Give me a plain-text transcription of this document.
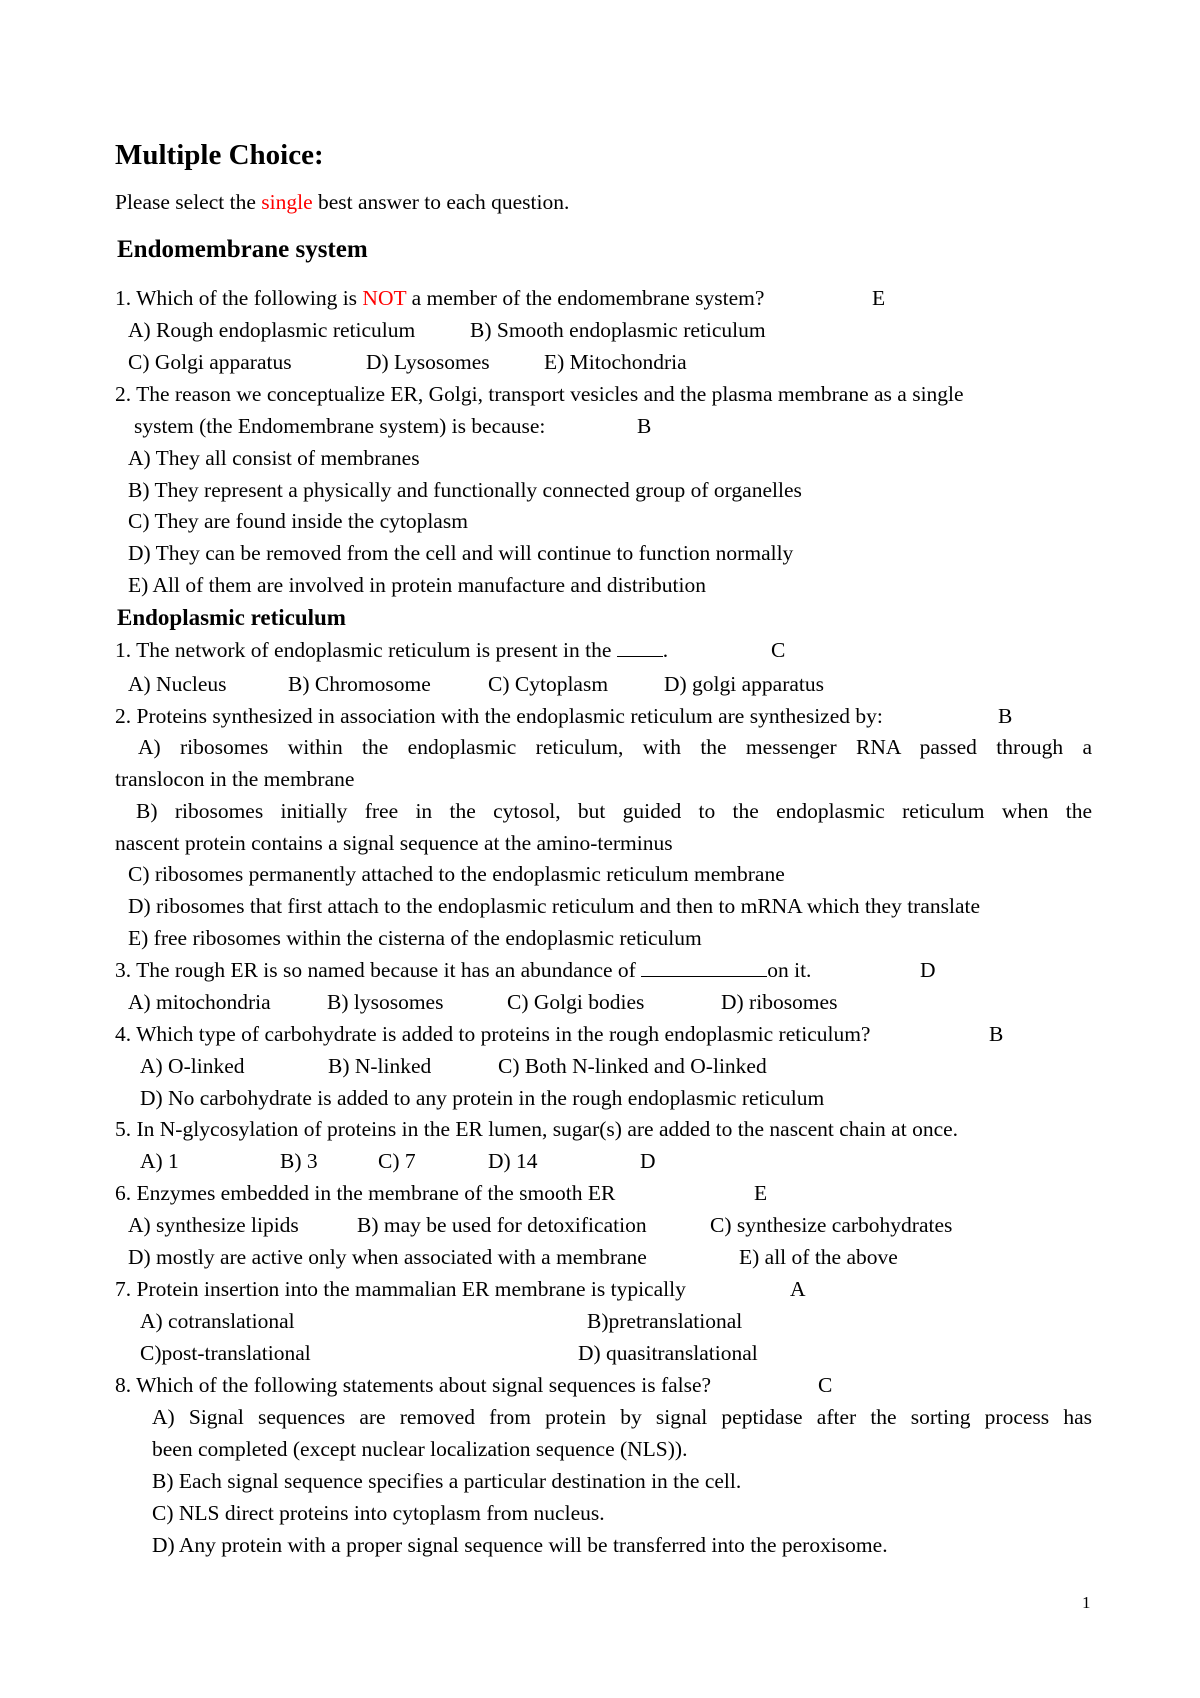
Multiple Choice:
Please select the single best answer to each question.
Endomembrane system
1. Which of the following is NOT a member of the endomembrane system?	E
A) Rough endoplasmic reticulum	B) Smooth endoplasmic reticulum
C) Golgi apparatus	D) Lysosomes	E) Mitochondria
2. The reason we conceptualize ER, Golgi, transport vesicles and the plasma membrane as a single
system (the Endomembrane system) is because:	B
A) They all consist of membranes
B) They represent a physically and functionally connected group of organelles
C) They are found inside the cytoplasm
D) They can be removed from the cell and will continue to function normally
E) All of them are involved in protein manufacture and distribution
Endoplasmic reticulum
1. The network of endoplasmic reticulum is present in the .	C
A) Nucleus	B) Chromosome	C) Cytoplasm	D) golgi apparatus
2. Proteins synthesized in association with the endoplasmic reticulum are synthesized by:	B
A) ribosomes within the endoplasmic reticulum, with the messenger RNA passed through a
translocon in the membrane
B) ribosomes initially free in the cytosol, but guided to the endoplasmic reticulum when the
nascent protein contains a signal sequence at the amino-terminus
C) ribosomes permanently attached to the endoplasmic reticulum membrane
D) ribosomes that first attach to the endoplasmic reticulum and then to mRNA which they translate
E) free ribosomes within the cisterna of the endoplasmic reticulum
3. The rough ER is so named because it has an abundance of	on it.	D
A) mitochondria	B) lysosomes	C) Golgi bodies	D) ribosomes
4. Which type of carbohydrate is added to proteins in the rough endoplasmic reticulum?	B
A) O-linked	B) N-linked	C) Both N-linked and O-linked
D) No carbohydrate is added to any protein in the rough endoplasmic reticulum
5. In N-glycosylation of proteins in the ER lumen, sugar(s) are added to the nascent chain at once.
A) 1	B) 3	C) 7	D) 14	D
6. Enzymes embedded in the membrane of the smooth ER	E
A) synthesize lipids	B) may be used for detoxification	C) synthesize carbohydrates
D) mostly are active only when associated with a membrane	E) all of the above
7. Protein insertion into the mammalian ER membrane is typically	A
A) cotranslational	B)pretranslational
C)post-translational	D) quasitranslational
8. Which of the following statements about signal sequences is false?	C
A) Signal sequences are removed from protein by signal peptidase after the sorting process has
been completed (except nuclear localization sequence (NLS)).
B) Each signal sequence specifies a particular destination in the cell.
C) NLS direct proteins into cytoplasm from nucleus.
D) Any protein with a proper signal sequence will be transferred into the peroxisome.
1
